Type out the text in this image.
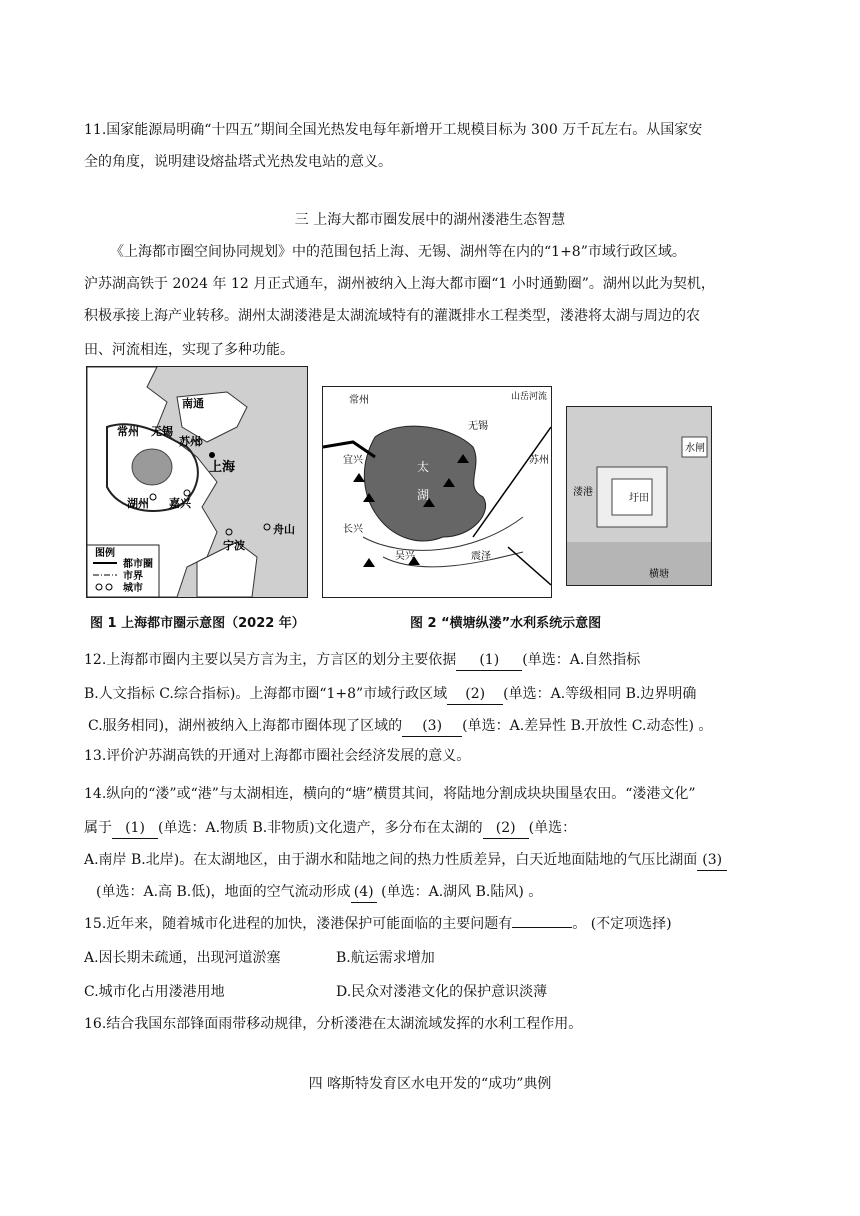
11.国家能源局明确“十四五”期间全国光热发电每年新增开工规模目标为 300 万千瓦左右。从国家安
全的角度，说明建设熔盐塔式光热发电站的意义。
三 上海大都市圈发展中的湖州溇港生态智慧
《上海都市圈空间协同规划》中的范围包括上海、无锡、湖州等在内的“1+8”市域行政区域。
沪苏湖高铁于 2024 年 12 月正式通车，湖州被纳入上海大都市圈“1 小时通勤圈”。湖州以此为契机，
积极承接上海产业转移。湖州太湖溇港是太湖流域特有的灌溉排水工程类型，溇港将太湖与周边的农
田、河流相连，实现了多种功能。
南通
常州 无锡
苏州
上海
湖州 嘉兴
宁波
舟山
图例
都市圈
市界
城市
图 1 上海都市圈示意图（2022 年）
常州
无锡
宜兴	苏州
太
湖
长兴
吴兴	震泽
山岳河流
圩田
水闸
溇港
横塘
图 2 “横塘纵溇”水利系统示意图
12.上海都市圈内主要以吴方言为主，方言区的划分主要依据 (1) (单选：A.自然指标
B.人文指标 C.综合指标)。上海都市圈“1+8”市域行政区域 (2) (单选：A.等级相同 B.边界明确
C.服务相同)，湖州被纳入上海都市圈体现了区域的 (3) (单选：A.差异性 B.开放性 C.动态性) 。
13.评价沪苏湖高铁的开通对上海都市圈社会经济发展的意义。
14.纵向的“溇”或“港”与太湖相连，横向的“塘”横贯其间，将陆地分割成块块围垦农田。“溇港文化”
属于 (1) (单选：A.物质 B.非物质)文化遗产，多分布在太湖的 (2) (单选：
A.南岸 B.北岸)。在太湖地区，由于湖水和陆地之间的热力性质差异，白天近地面陆地的气压比湖面 (3)
(单选：A.高 B.低)，地面的空气流动形成 (4) (单选：A.湖风 B.陆风) 。
15.近年来，随着城市化进程的加快，溇港保护可能面临的主要问题有	。 (不定项选择)
A.因长期未疏通，出现河道淤塞	B.航运需求增加
C.城市化占用溇港用地	D.民众对溇港文化的保护意识淡薄
16.结合我国东部锋面雨带移动规律，分析溇港在太湖流域发挥的水利工程作用。
四 喀斯特发育区水电开发的“成功”典例
